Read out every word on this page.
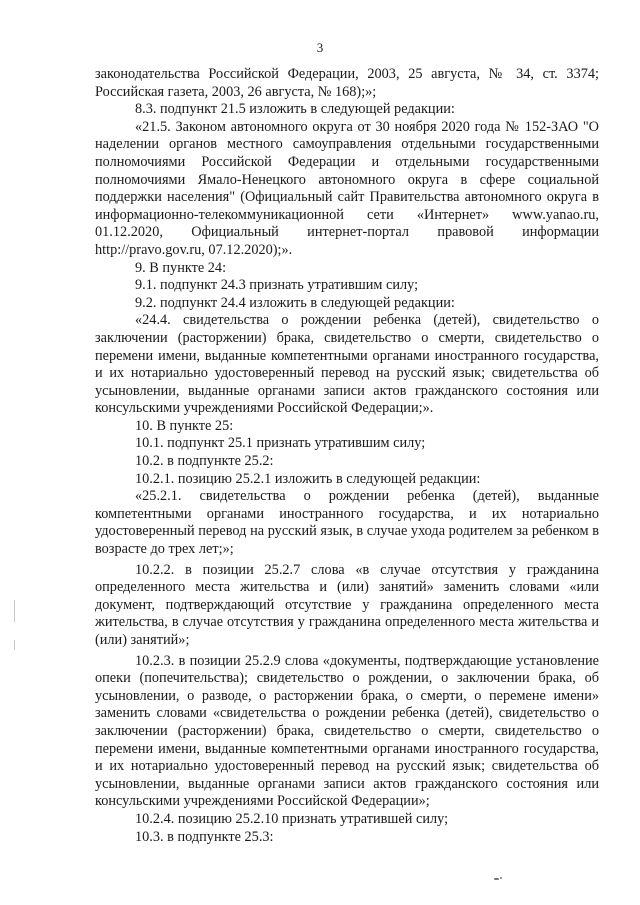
3

законодательства Российской Федерации, 2003, 25 августа, № 34, ст. 3374; Российская газета, 2003, 26 августа, № 168);»;

8.3. подпункт 21.5 изложить в следующей редакции:

«21.5. Законом автономного округа от 30 ноября 2020 года № 152-ЗАО "О наделении органов местного самоуправления отдельными государственными полномочиями Российской Федерации и отдельными государственными полномочиями Ямало-Ненецкого автономного округа в сфере социальной поддержки населения" (Официальный сайт Правительства автономного округа в информационно-телекоммуникационной сети «Интернет» www.yanao.ru, 01.12.2020, Официальный интернет-портал правовой информации http://pravo.gov.ru, 07.12.2020);».

9. В пункте 24:

9.1. подпункт 24.3 признать утратившим силу;

9.2. подпункт 24.4 изложить в следующей редакции:

«24.4. свидетельства о рождении ребенка (детей), свидетельство о заключении (расторжении) брака, свидетельство о смерти, свидетельство о перемени имени, выданные компетентными органами иностранного государства, и их нотариально удостоверенный перевод на русский язык; свидетельства об усыновлении, выданные органами записи актов гражданского состояния или консульскими учреждениями Российской Федерации;».

10. В пункте 25:

10.1. подпункт 25.1 признать утратившим силу;

10.2. в подпункте 25.2:

10.2.1. позицию 25.2.1 изложить в следующей редакции:

«25.2.1. свидетельства о рождении ребенка (детей), выданные компетентными органами иностранного государства, и их нотариально удостоверенный перевод на русский язык, в случае ухода родителем за ребенком в возрасте до трех лет;»;

10.2.2. в позиции 25.2.7 слова «в случае отсутствия у гражданина определенного места жительства и (или) занятий» заменить словами «или документ, подтверждающий отсутствие у гражданина определенного места жительства, в случае отсутствия у гражданина определенного места жительства и (или) занятий»;

10.2.3. в позиции 25.2.9 слова «документы, подтверждающие установление опеки (попечительства); свидетельство о рождении, о заключении брака, об усыновлении, о разводе, о расторжении брака, о смерти, о перемене имени» заменить словами «свидетельства о рождении ребенка (детей), свидетельство о заключении (расторжении) брака, свидетельство о смерти, свидетельство о перемени имени, выданные компетентными органами иностранного государства, и их нотариально удостоверенный перевод на русский язык; свидетельства об усыновлении, выданные органами записи актов гражданского состояния или консульскими учреждениями Российской Федерации»;

10.2.4. позицию 25.2.10 признать утратившей силу;

10.3. в подпункте 25.3:
